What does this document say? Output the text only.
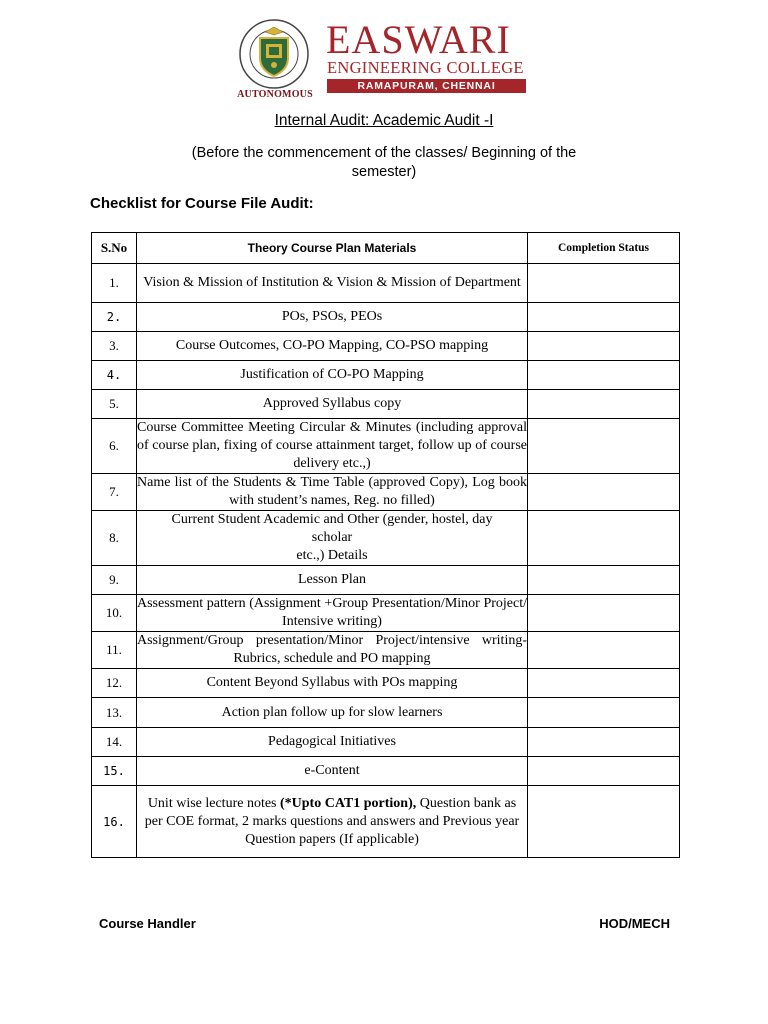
AUTONOMOUS
EASWARI
ENGINEERING COLLEGE
RAMAPURAM, CHENNAI
Internal Audit: Academic Audit -I
(Before the commencement of the classes/ Beginning of the semester)
Checklist for Course File Audit:
S.No	Theory Course Plan Materials	Completion Status
1.	Vision & Mission of Institution & Vision & Mission of Department	
2.	POs, PSOs, PEOs	
3.	Course Outcomes, CO-PO Mapping, CO-PSO mapping	
4.	Justification of CO-PO Mapping	
5.	Approved Syllabus copy	
6.	Course Committee Meeting Circular & Minutes (including approval of course plan, fixing of course attainment target, follow up of course delivery etc.,)	
7.	Name list of the Students & Time Table (approved Copy), Log book with student’s names, Reg. no filled)	
8.	Current Student Academic and Other (gender, hostel, day scholar
etc.,) Details	

9.	Lesson Plan	
10.	Assessment pattern (Assignment +Group Presentation/Minor Project/ Intensive writing)	
11.	Assignment/Group presentation/Minor Project/intensive writing-Rubrics, schedule and PO mapping	
12.	Content Beyond Syllabus with POs mapping	
13.	Action plan follow up for slow learners	
14.	Pedagogical Initiatives	
15.	e-Content	
16.	Unit wise lecture notes (*Upto CAT1 portion), Question bank as
per COE format, 2 marks questions and answers and Previous year Question papers (If applicable)	

Course Handler	HOD/MECH
